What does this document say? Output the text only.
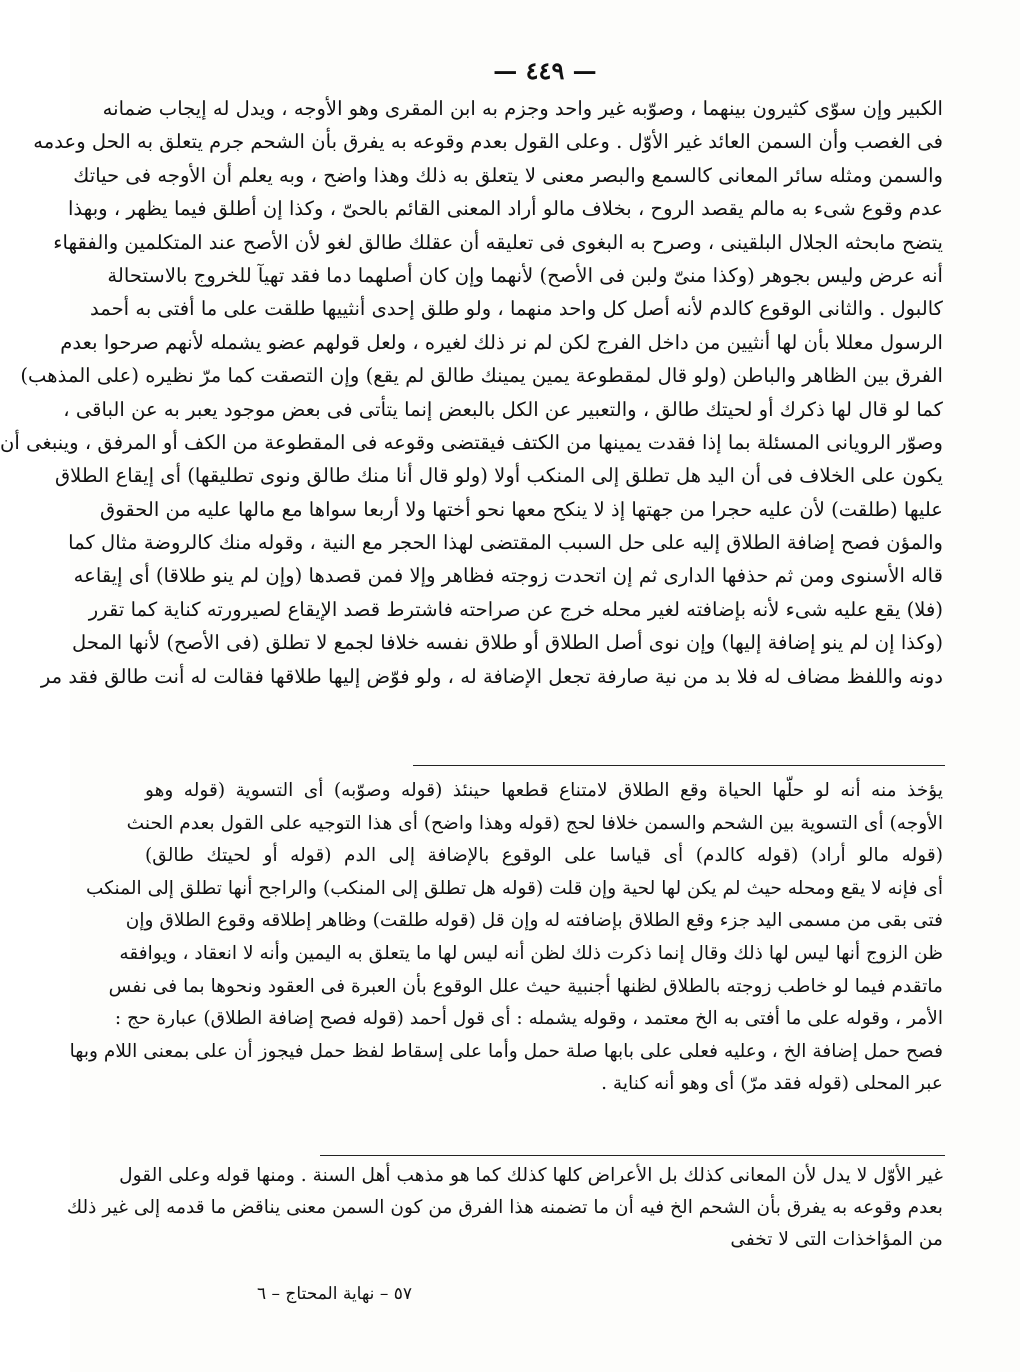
— ٤٤٩ —
الكبير وإن سوّى كثيرون بينهما ، وصوّبه غير واحد وجزم به ابن المقرى وهو الأوجه ، ويدل له إيجاب ضمانه
فى الغصب وأن السمن العائد غير الأوّل . وعلى القول بعدم وقوعه به يفرق بأن الشحم جرم يتعلق به الحل وعدمه
والسمن ومثله سائر المعانى كالسمع والبصر معنى لا يتعلق به ذلك وهذا واضح ، وبه يعلم أن الأوجه فى حياتك
عدم وقوع شىء به مالم يقصد الروح ، بخلاف مالو أراد المعنى القائم بالحىّ ، وكذا إن أطلق فيما يظهر ، وبهذا
يتضح مابحثه الجلال البلقينى ، وصرح به البغوى فى تعليقه أن عقلك طالق لغو لأن الأصح عند المتكلمين والفقهاء
أنه عرض وليس بجوهر (وكذا منىّ ولبن فى الأصح) لأنهما وإن كان أصلهما دما فقد تهيآ للخروج بالاستحالة
كالبول . والثانى الوقوع كالدم لأنه أصل كل واحد منهما ، ولو طلق إحدى أنثييها طلقت على ما أفتى به أحمد
الرسول معللا بأن لها أنثيين من داخل الفرج لكن لم نر ذلك لغيره ، ولعل قولهم عضو يشمله لأنهم صرحوا بعدم
الفرق بين الظاهر والباطن (ولو قال لمقطوعة يمين يمينك طالق لم يقع) وإن التصقت كما مرّ نظيره (على المذهب)
كما لو قال لها ذكرك أو لحيتك طالق ، والتعبير عن الكل بالبعض إنما يتأتى فى بعض موجود يعبر به عن الباقى ،
وصوّر الرويانى المسئلة بما إذا فقدت يمينها من الكتف فيقتضى وقوعه فى المقطوعة من الكف أو المرفق ، وينبغى أن
يكون على الخلاف فى أن اليد هل تطلق إلى المنكب أولا (ولو قال أنا منك طالق ونوى تطليقها) أى إيقاع الطلاق
عليها (طلقت) لأن عليه حجرا من جهتها إذ لا ينكح معها نحو أختها ولا أربعا سواها مع مالها عليه من الحقوق
والمؤن فصح إضافة الطلاق إليه على حل السبب المقتضى لهذا الحجر مع النية ، وقوله منك كالروضة مثال كما
قاله الأسنوى ومن ثم حذفها الدارى ثم إن اتحدت زوجته فظاهر وإلا فمن قصدها (وإن لم ينو طلاقا) أى إيقاعه
(فلا) يقع عليه شىء لأنه بإضافته لغير محله خرج عن صراحته فاشترط قصد الإيقاع لصيرورته كناية كما تقرر
(وكذا إن لم ينو إضافة إليها) وإن نوى أصل الطلاق أو طلاق نفسه خلافا لجمع لا تطلق (فى الأصح) لأنها المحل
دونه واللفظ مضاف له فلا بد من نية صارفة تجعل الإضافة له ، ولو فوّض إليها طلاقها فقالت له أنت طالق فقد مر
يؤخذ منه أنه لو حلّها الحياة وقع الطلاق لامتناع قطعها حينئذ (قوله وصوّبه) أى التسوية (قوله وهو
الأوجه) أى التسوية بين الشحم والسمن خلافا لحج (قوله وهذا واضح) أى هذا التوجيه على القول بعدم الحنث
(قوله مالو أراد) (قوله كالدم) أى قياسا على الوقوع بالإضافة إلى الدم (قوله أو لحيتك طالق)
أى فإنه لا يقع ومحله حيث لم يكن لها لحية وإن قلت (قوله هل تطلق إلى المنكب) والراجح أنها تطلق إلى المنكب
فتى بقى من مسمى اليد جزء وقع الطلاق بإضافته له وإن قل (قوله طلقت) وظاهر إطلاقه وقوع الطلاق وإن
ظن الزوج أنها ليس لها ذلك وقال إنما ذكرت ذلك لظن أنه ليس لها ما يتعلق به اليمين وأنه لا انعقاد ، ويوافقه
ماتقدم فيما لو خاطب زوجته بالطلاق لظنها أجنبية حيث علل الوقوع بأن العبرة فى العقود ونحوها بما فى نفس
الأمر ، وقوله على ما أفتى به الخ معتمد ، وقوله يشمله : أى قول أحمد (قوله فصح إضافة الطلاق) عبارة حج :
فصح حمل إضافة الخ ، وعليه فعلى على بابها صلة حمل وأما على إسقاط لفظ حمل فيجوز أن على بمعنى اللام وبها
عبر المحلى (قوله فقد مرّ) أى وهو أنه كناية .
غير الأوّل لا يدل لأن المعانى كذلك بل الأعراض كلها كذلك كما هو مذهب أهل السنة . ومنها قوله وعلى القول
بعدم وقوعه به يفرق بأن الشحم الخ فيه أن ما تضمنه هذا الفرق من كون السمن معنى يناقض ما قدمه إلى غير ذلك
من المؤاخذات التى لا تخفى
٥٧ – نهاية المحتاج – ٦
